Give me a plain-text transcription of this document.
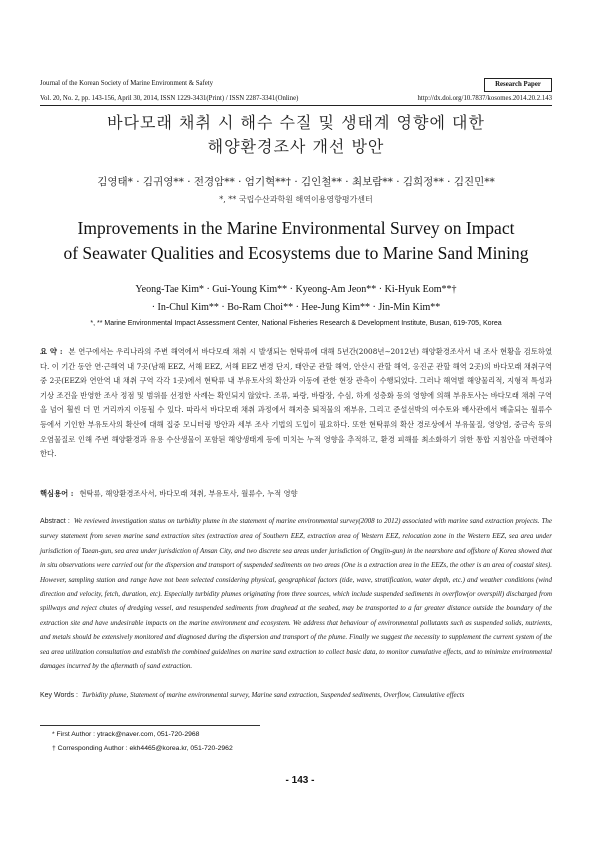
Journal of the Korean Society of Marine Environment & Safety	Research Paper
Vol. 20, No. 2, pp. 143-156, April 30, 2014, ISSN 1229-3431(Print) / ISSN 2287-3341(Online)	http://dx.doi.org/10.7837/kosomes.2014.20.2.143
바다모래 채취 시 해수 수질 및 생태계 영향에 대한
해양환경조사 개선 방안
김영태* · 김귀영** · 전경암** · 엄기혁**† · 김인철** · 최보람** · 김희정** · 김진민**
*, ** 국립수산과학원 해역이용영향평가센터
Improvements in the Marine Environmental Survey on Impact
of Seawater Qualities and Ecosystems due to Marine Sand Mining
Yeong-Tae Kim* · Gui-Young Kim** · Kyeong-Am Jeon** · Ki-Hyuk Eom**†
· In-Chul Kim** · Bo-Ram Choi** · Hee-Jung Kim** · Jin-Min Kim**
*, ** Marine Environmental Impact Assessment Center, National Fisheries Research & Development Institute, Busan, 619-705, Korea
요 약 : 본 연구에서는 우리나라의 주변 해역에서 바다모래 채취 시 발생되는 현탁류에 대해 5년간(2008년∼2012년) 해양환경조사서 내 조사 현황을 검토하였다. 이 기간 동안 연·근해역 내 7곳(남해 EEZ, 서해 EEZ, 서해 EEZ 변경 단지, 태안군 관할 해역, 안산시 관할 해역, 옹진군 관할 해역 2곳)의 바다모래 채취구역 중 2곳(EEZ와 연안역 내 채취 구역 각각 1곳)에서 현탁류 내 부유토사의 확산과 이동에 관한 현장 관측이 수행되었다. 그러나 해역별 해양물리적, 지형적 특성과 기상 조건을 반영한 조사 정점 및 범위를 선정한 사례는 확인되지 않았다. 조류, 파랑, 바람장, 수심, 하계 성층화 등의 영향에 의해 부유토사는 바다모래 채취 구역을 넘어 훨씬 더 먼 거리까지 이동될 수 있다. 따라서 바다모래 채취 과정에서 해저층 퇴적물의 재부유, 그리고 준설선박의 여수토와 배사관에서 배출되는 월류수 등에서 기인한 부유토사의 확산에 대해 집중 모니터링 방안과 세부 조사 기법의 도입이 필요하다. 또한 현탁류의 확산 경로상에서 부유물질, 영양염, 중금속 등의 오염물질로 인해 주변 해양환경과 유용 수산생물이 포함된 해양생태계 등에 미치는 누적 영향을 추적하고, 환경 피해를 최소화하기 위한 통합 지침안을 마련해야 한다.
핵심용어 : 현탁류, 해양환경조사서, 바다모래 채취, 부유토사, 월류수, 누적 영향
Abstract : We reviewed investigation status on turbidity plume in the statement of marine environmental survey(2008 to 2012) associated with marine sand extraction projects. The survey statement from seven marine sand extraction sites (extraction area of Southern EEZ, extraction area of Western EEZ, relocation zone in the Western EEZ, sea area under jurisdiction of Taean-gun, sea area under jurisdiction of Ansan City, and two discrete sea areas under jurisdiction of Ongjin-gun) in the nearshore and offshore of Korea showed that in situ observations were carried out for the dispersion and transport of suspended sediments on two areas (One is a extraction area in the EEZs, the other is an area of coastal sites). However, sampling station and range have not been selected considering physical, geographical factors (tide, wave, stratification, water depth, etc.) and weather conditions (wind direction and velocity, fetch, duration, etc). Especially turbidity plumes originating from three sources, which include suspended sediments in overflow(or overspill) discharged from spillways and reject chutes of dredging vessel, and resuspended sediments from draghead at the seabed, may be transported to a far greater distance outside the boundary of the extraction site and have undesirable impacts on the marine environment and ecosystem. We address that behaviour of environmental pollutants such as suspended solids, nutrients, and metals should be extensively monitored and diagnosed during the dispersion and transport of the plume. Finally we suggest the necessity to supplement the current system of the sea area utilization consultation and establish the combined guidelines on marine sand extraction to collect basic data, to monitor cumulative effects, and to minimize environmental damages incurred by the aftermath of sand extraction.
Key Words : Turbidity plume, Statement of marine environmental survey, Marine sand extraction, Suspended sediments, Overflow, Cumulative effects
* First Author : ytrack@naver.com, 051-720-2968
† Corresponding Author : ekh4465@korea.kr, 051-720-2962
- 143 -
